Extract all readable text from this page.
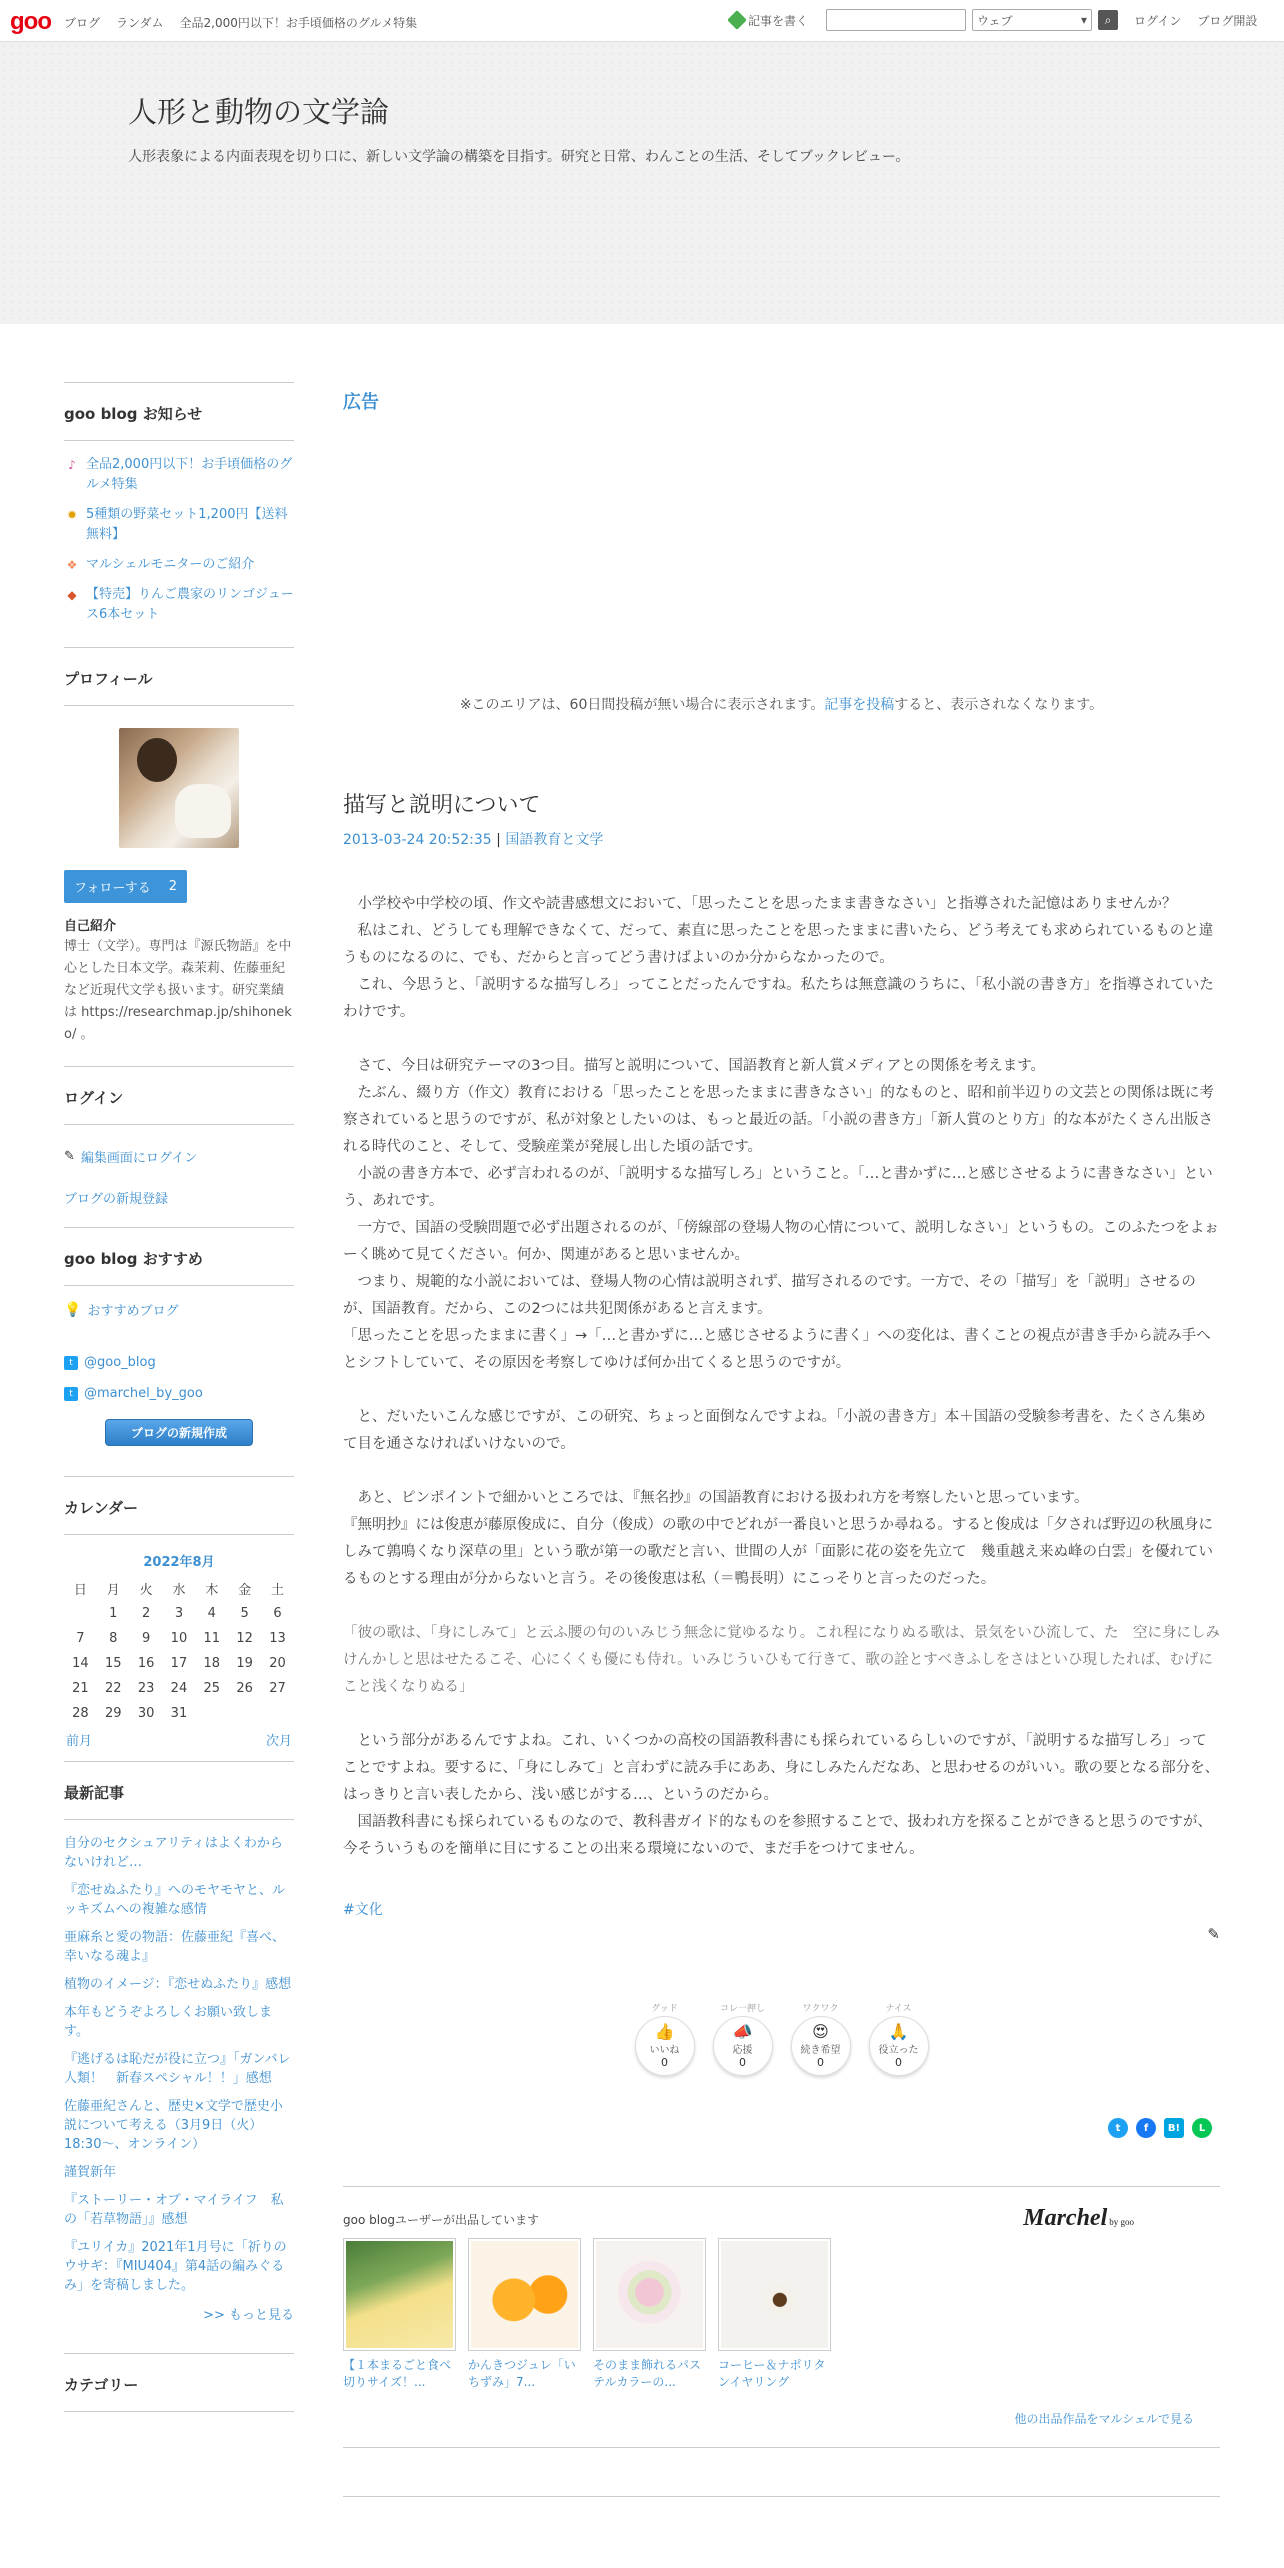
goo ブログ ランダム 全品2,000円以下！お手頃価格のグルメ特集	記事を書く	ウェブ	▾ ⌕ ログイン ブログ開設
人形と動物の文学論
人形表象による内面表現を切り口に、新しい文学論の構築を目指す。研究と日常、わんことの生活、そしてブックレビュー。
goo blog お知らせ
♪ 全品2,000円以下！お手頃価格のグルメ特集
✹ 5種類の野菜セット1,200円【送料無料】
❖ マルシェルモニターのご紹介
◆ 【特売】りんご農家のリンゴジュース6本セット
プロフィール
フォローする 2
自己紹介
博士（文学）。専門は『源氏物語』を中心とした日本文学。森茉莉、佐藤亜紀など近現代文学も扱います。研究業績は https://researchmap.jp/shihoneko/ 。
ログイン
✎ 編集画面にログイン
ブログの新規登録
goo blog おすすめ
💡 おすすめブログ
t @goo_blog
t @marchel_by_goo
ブログの新規作成
カレンダー
2022年8月
日	月	火	水	木	金	土
	1	2	3	4	5	6
7	8	9	10	11	12	13
14	15	16	17	18	19	20
21	22	23	24	25	26	27
28	29	30	31			
前月	次月
最新記事
自分のセクシュアリティはよくわからないけれど…
『恋せぬふたり』へのモヤモヤと、ルッキズムへの複雑な感情
亜麻糸と愛の物語：佐藤亜紀『喜べ、幸いなる魂よ』
植物のイメージ：『恋せぬふたり』感想
本年もどうぞよろしくお願い致します。
『逃げるは恥だが役に立つ』「ガンバレ人類！　新春スペシャル！！」感想
佐藤亜紀さんと、歴史×文学で歴史小説について考える（3月9日（火）18:30～、オンライン）
謹賀新年
『ストーリー・オブ・マイライフ　私の「若草物語」』感想
『ユリイカ』2021年1月号に「祈りのウサギ：『MIU404』第4話の編みぐるみ」を寄稿しました。
>> もっと見る
カテゴリー
広告
※このエリアは、60日間投稿が無い場合に表示されます。記事を投稿すると、表示されなくなります。
描写と説明について
2013-03-24 20:52:35 | 国語教育と文学

　小学校や中学校の頃、作文や読書感想文において、「思ったことを思ったまま書きなさい」と指導された記憶はありませんか？

　私はこれ、どうしても理解できなくて、だって、素直に思ったことを思ったままに書いたら、どう考えても求められているものと違うものになるのに、でも、だからと言ってどう書けばよいのか分からなかったので。

　これ、今思うと、「説明するな描写しろ」ってことだったんですね。私たちは無意識のうちに、「私小説の書き方」を指導されていたわけです。

　さて、今日は研究テーマの3つ目。描写と説明について、国語教育と新人賞メディアとの関係を考えます。

　たぶん、綴り方（作文）教育における「思ったことを思ったままに書きなさい」的なものと、昭和前半辺りの文芸との関係は既に考察されていると思うのですが、私が対象としたいのは、もっと最近の話。「小説の書き方」「新人賞のとり方」的な本がたくさん出版される時代のこと、そして、受験産業が発展し出した頃の話です。

　小説の書き方本で、必ず言われるのが、「説明するな描写しろ」ということ。「…と書かずに…と感じさせるように書きなさい」という、あれです。

　一方で、国語の受験問題で必ず出題されるのが、「傍線部の登場人物の心情について、説明しなさい」というもの。このふたつをよぉーく眺めて見てください。何か、関連があると思いませんか。

　つまり、規範的な小説においては、登場人物の心情は説明されず、描写されるのです。一方で、その「描写」を「説明」させるのが、国語教育。だから、この2つには共犯関係があると言えます。

「思ったことを思ったままに書く」→「…と書かずに…と感じさせるように書く」への変化は、書くことの視点が書き手から読み手へとシフトしていて、その原因を考察してゆけば何か出てくると思うのですが。

　と、だいたいこんな感じですが、この研究、ちょっと面倒なんですよね。「小説の書き方」本＋国語の受験参考書を、たくさん集めて目を通さなければいけないので。

　あと、ピンポイントで細かいところでは、『無名抄』の国語教育における扱われ方を考察したいと思っています。

『無明抄』には俊恵が藤原俊成に、自分（俊成）の歌の中でどれが一番良いと思うか尋ねる。すると俊成は「夕されば野辺の秋風身にしみて鶉鳴くなり深草の里」という歌が第一の歌だと言い、世間の人が「面影に花の姿を先立て　幾重越え来ぬ峰の白雲」を優れているものとする理由が分からないと言う。その後俊恵は私（＝鴨長明）にこっそりと言ったのだった。

「彼の歌は、「身にしみて」と云ふ腰の句のいみじう無念に覚ゆるなり。これ程になりぬる歌は、景気をいひ流して、た　空に身にしみけんかしと思はせたるこそ、心にくくも優にも侍れ。いみじういひもて行きて、歌の詮とすべきふしをさはといひ現したれば、むげにこと浅くなりぬる」

　という部分があるんですよね。これ、いくつかの高校の国語教科書にも採られているらしいのですが、「説明するな描写しろ」ってことですよね。要するに、「身にしみて」と言わずに読み手にああ、身にしみたんだなあ、と思わせるのがいい。歌の要となる部分を、はっきりと言い表したから、浅い感じがする…、というのだから。

　国語教科書にも採られているものなので、教科書ガイド的なものを参照することで、扱われ方を探ることができると思うのですが、今そういうものを簡単に目にすることの出来る環境にないので、まだ手をつけてません。

#文化
✎
グッド
👍
いいね
0
コレ一押し
📣
応援
0
ワクワク
😍
続き希望
0
ナイス
🙏
役立った
0
t	f	B!	L
goo blogユーザーが出品しています	Marchel by goo
【１本まるごと食べ切りサイズ！...
かんきつジュレ「いちずみ」7...
そのまま飾れるパステルカラーの...
コーヒー＆ナポリタンイヤリング
他の出品作品をマルシェルで見る
